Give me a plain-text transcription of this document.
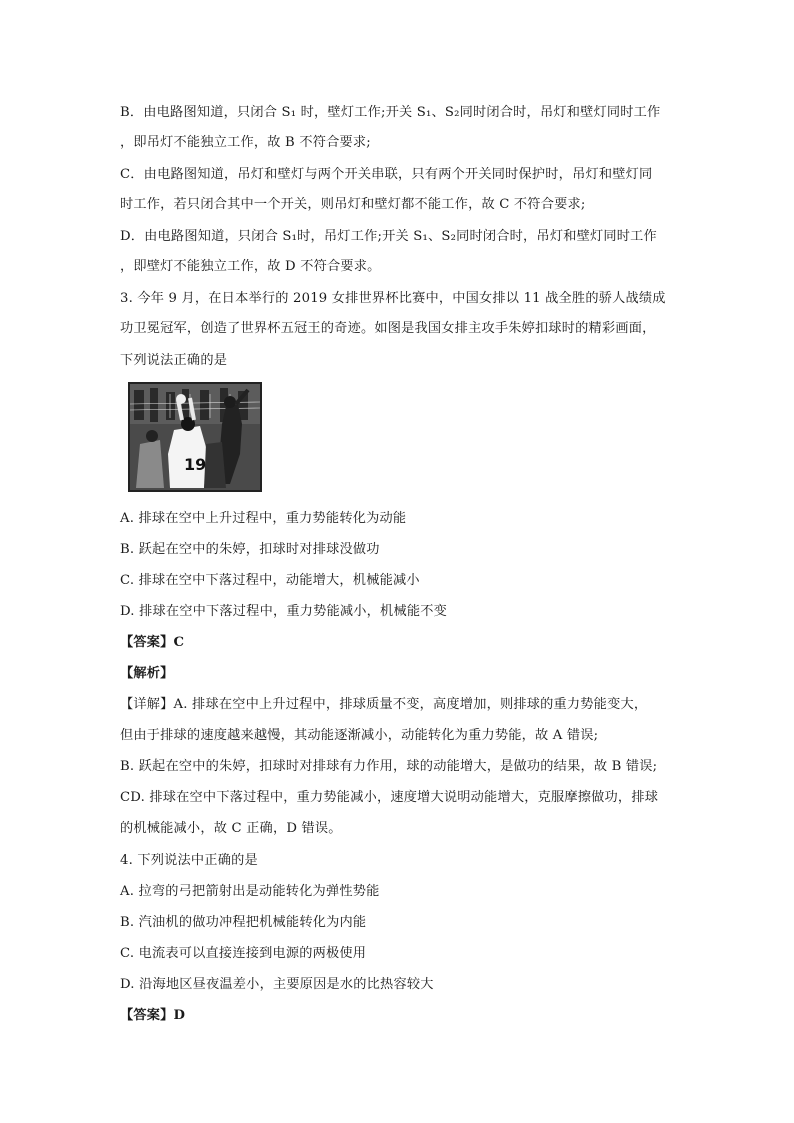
B．由电路图知道，只闭合 S₁ 时，壁灯工作;开关 S₁、S₂同时闭合时，吊灯和壁灯同时工作
，即吊灯不能独立工作，故 B 不符合要求;
C．由电路图知道，吊灯和壁灯与两个开关串联，只有两个开关同时保护时，吊灯和壁灯同
时工作，若只闭合其中一个开关，则吊灯和壁灯都不能工作，故 C 不符合要求;
D．由电路图知道，只闭合 S₁时，吊灯工作;开关 S₁、S₂同时闭合时，吊灯和壁灯同时工作
，即壁灯不能独立工作，故 D 不符合要求。
3. 今年 9 月，在日本举行的 2019 女排世界杯比赛中，中国女排以 11 战全胜的骄人战绩成
功卫冕冠军，创造了世界杯五冠王的奇迹。如图是我国女排主攻手朱婷扣球时的精彩画面，
下列说法正确的是
19
A. 排球在空中上升过程中，重力势能转化为动能
B. 跃起在空中的朱婷，扣球时对排球没做功
C. 排球在空中下落过程中，动能增大，机械能减小
D. 排球在空中下落过程中，重力势能减小，机械能不变
【答案】C
【解析】
【详解】A. 排球在空中上升过程中，排球质量不变，高度增加，则排球的重力势能变大，
但由于排球的速度越来越慢，其动能逐渐减小，动能转化为重力势能，故 A 错误;
B. 跃起在空中的朱婷，扣球时对排球有力作用，球的动能增大，是做功的结果，故 B 错误;
CD. 排球在空中下落过程中，重力势能减小，速度增大说明动能增大，克服摩擦做功，排球
的机械能减小，故 C 正确，D 错误。
4. 下列说法中正确的是
A. 拉弯的弓把箭射出是动能转化为弹性势能
B. 汽油机的做功冲程把机械能转化为内能
C. 电流表可以直接连接到电源的两极使用
D. 沿海地区昼夜温差小，主要原因是水的比热容较大
【答案】D
